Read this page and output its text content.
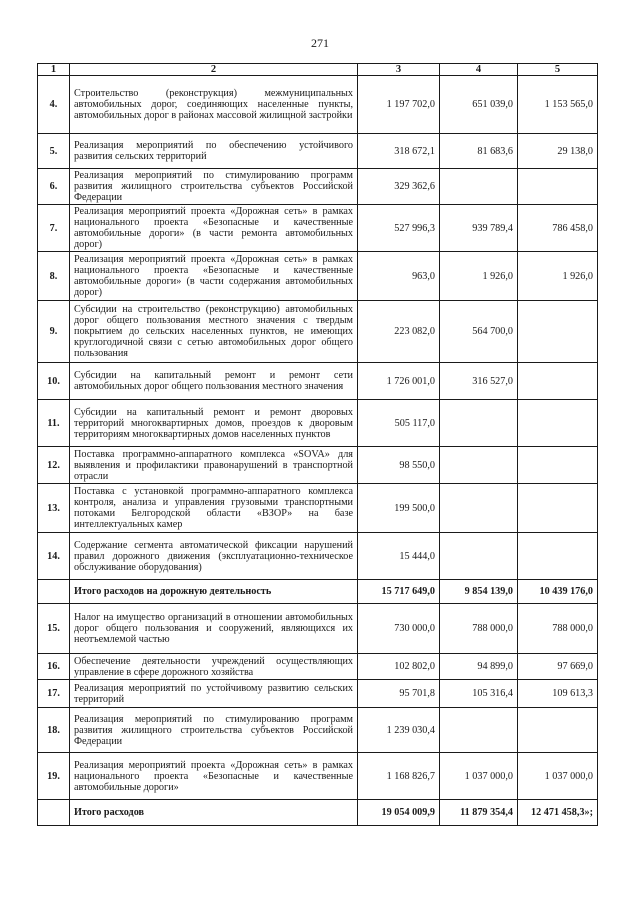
271
1	2	3	4	5
4.	Строительство (реконструкция) межмуниципальных автомобильных дорог, соединяющих населенные пункты, автомобильных дорог в районах массовой жилищной застройки	1 197 702,0	651 039,0	1 153 565,0
5.	Реализация мероприятий по обеспечению устойчивого развития сельских территорий	318 672,1	81 683,6	29 138,0
6.	Реализация мероприятий по стимулированию программ развития жилищного строительства субъектов Российской Федерации	329 362,6		
7.	Реализация мероприятий проекта «Дорожная сеть» в рамках национального проекта «Безопасные и качественные автомобильные дороги» (в части ремонта автомобильных дорог)	527 996,3	939 789,4	786 458,0
8.	Реализация мероприятий проекта «Дорожная сеть» в рамках национального проекта «Безопасные и качественные автомобильные дороги» (в части содержания автомобильных дорог)	963,0	1 926,0	1 926,0
9.	Субсидии на строительство (реконструкцию) автомобильных дорог общего пользования местного значения с твердым покрытием до сельских населенных пунктов, не имеющих круглогодичной связи с сетью автомобильных дорог общего пользования	223 082,0	564 700,0	
10.	Субсидии на капитальный ремонт и ремонт сети автомобильных дорог общего пользования местного значения	1 726 001,0	316 527,0	
11.	Субсидии на капитальный ремонт и ремонт дворовых территорий многоквартирных домов, проездов к дворовым территориям многоквартирных домов населенных пунктов	505 117,0		
12.	Поставка программно-аппаратного комплекса «SOVA» для выявления и профилактики правонарушений в транспортной отрасли	98 550,0		
13.	Поставка с установкой программно-аппаратного комплекса контроля, анализа и управления грузовыми транспортными потоками Белгородской области «ВЗОР» на базе интеллектуальных камер	199 500,0		
14.	Содержание сегмента автоматической фиксации нарушений правил дорожного движения (эксплуатационно-техническое обслуживание оборудования)	15 444,0		
	Итого расходов на дорожную деятельность	15 717 649,0	9 854 139,0	10 439 176,0
15.	Налог на имущество организаций в отношении автомобильных дорог общего пользования и сооружений, являющихся их неотъемлемой частью	730 000,0	788 000,0	788 000,0
16.	Обеспечение деятельности учреждений осуществляющих управление в сфере дорожного хозяйства	102 802,0	94 899,0	97 669,0
17.	Реализация мероприятий по устойчивому развитию сельских территорий	95 701,8	105 316,4	109 613,3
18.	Реализация мероприятий по стимулированию программ развития жилищного строительства субъектов Российской Федерации	1 239 030,4		
19.	Реализация мероприятий проекта «Дорожная сеть» в рамках национального проекта «Безопасные и качественные автомобильные дороги»	1 168 826,7	1 037 000,0	1 037 000,0
	Итого расходов	19 054 009,9	11 879 354,4	12 471 458,3»;
